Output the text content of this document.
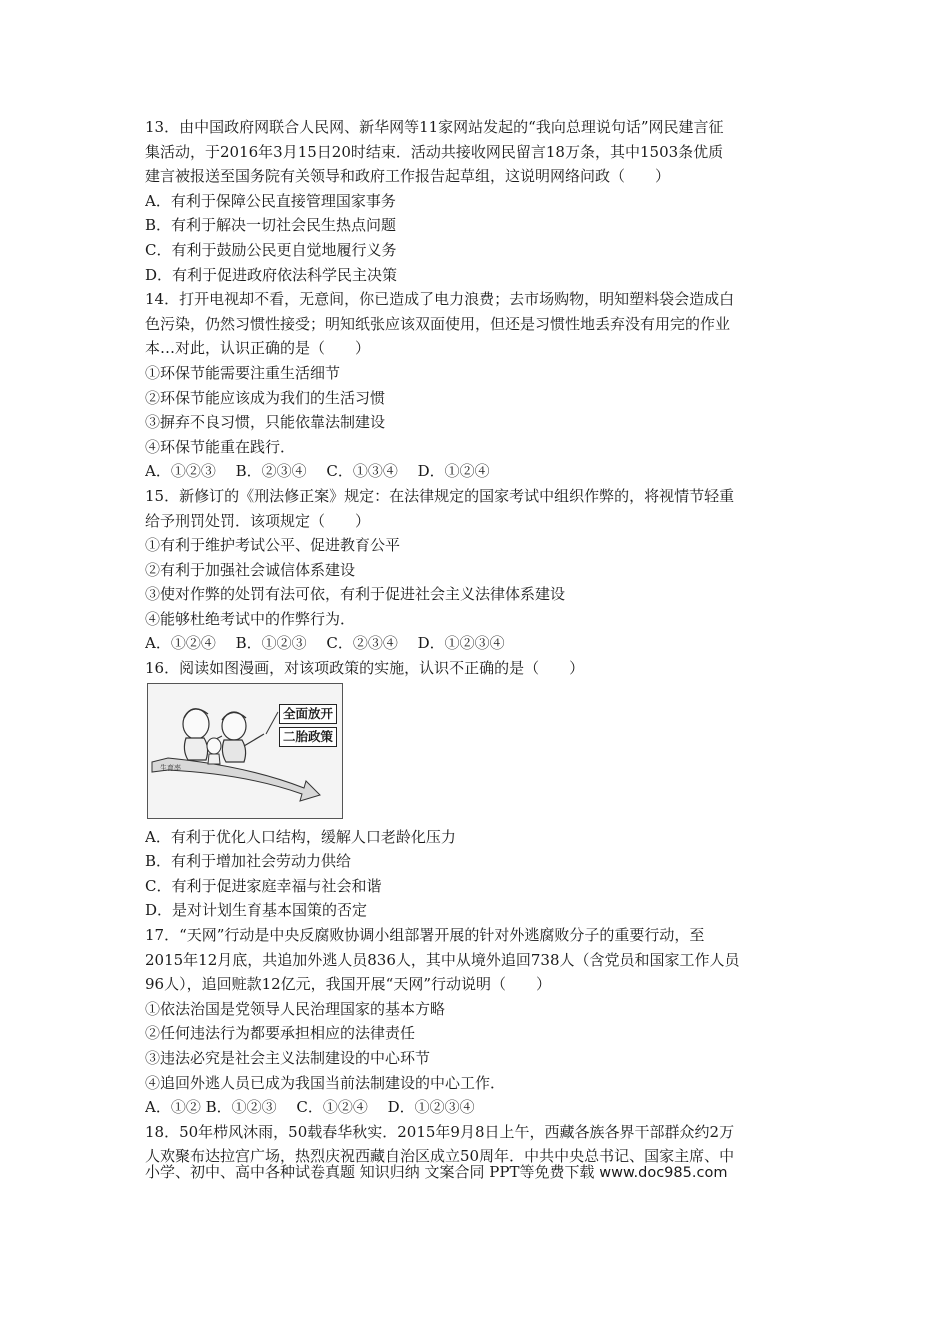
13．由中国政府网联合人民网、新华网等11家网站发起的“我向总理说句话”网民建言征
集活动，于2016年3月15日20时结束．活动共接收网民留言18万条，其中1503条优质
建言被报送至国务院有关领导和政府工作报告起草组，这说明网络问政（　　）
A．有利于保障公民直接管理国家事务
B．有利于解决一切社会民生热点问题
C．有利于鼓励公民更自觉地履行义务
D．有利于促进政府依法科学民主决策
14．打开电视却不看，无意间，你已造成了电力浪费；去市场购物，明知塑料袋会造成白
色污染，仍然习惯性接受；明知纸张应该双面使用，但还是习惯性地丢弃没有用完的作业
本…对此，认识正确的是（　　）
①环保节能需要注重生活细节
②环保节能应该成为我们的生活习惯
③摒弃不良习惯，只能依靠法制建设
④环保节能重在践行．
A．①②③　 B．②③④　 C．①③④　 D．①②④
15．新修订的《刑法修正案》规定：在法律规定的国家考试中组织作弊的，将视情节轻重
给予刑罚处罚．该项规定（　　）
①有利于维护考试公平、促进教育公平
②有利于加强社会诚信体系建设
③使对作弊的处罚有法可依，有利于促进社会主义法律体系建设
④能够杜绝考试中的作弊行为．
A．①②④　 B．①②③　 C．②③④　 D．①②③④
16．阅读如图漫画，对该项政策的实施，认识不正确的是（　　）
全面放开
二胎政策
生育率
A．有利于优化人口结构，缓解人口老龄化压力
B．有利于增加社会劳动力供给
C．有利于促进家庭幸福与社会和谐
D．是对计划生育基本国策的否定
17．“天网”行动是中央反腐败协调小组部署开展的针对外逃腐败分子的重要行动，至
2015年12月底，共追加外逃人员836人，其中从境外追回738人（含党员和国家工作人员
96人），追回赃款12亿元，我国开展“天网”行动说明（　　）
①依法治国是党领导人民治理国家的基本方略
②任何违法行为都要承担相应的法律责任
③违法必究是社会主义法制建设的中心环节
④追回外逃人员已成为我国当前法制建设的中心工作．
A．①② B．①②③　 C．①②④　 D．①②③④
18．50年栉风沐雨，50载春华秋实．2015年9月8日上午，西藏各族各界干部群众约2万
人欢聚布达拉宫广场，热烈庆祝西藏自治区成立50周年．中共中央总书记、国家主席、中
小学、初中、高中各种试卷真题 知识归纳 文案合同 PPT等免费下载 www.doc985.com
